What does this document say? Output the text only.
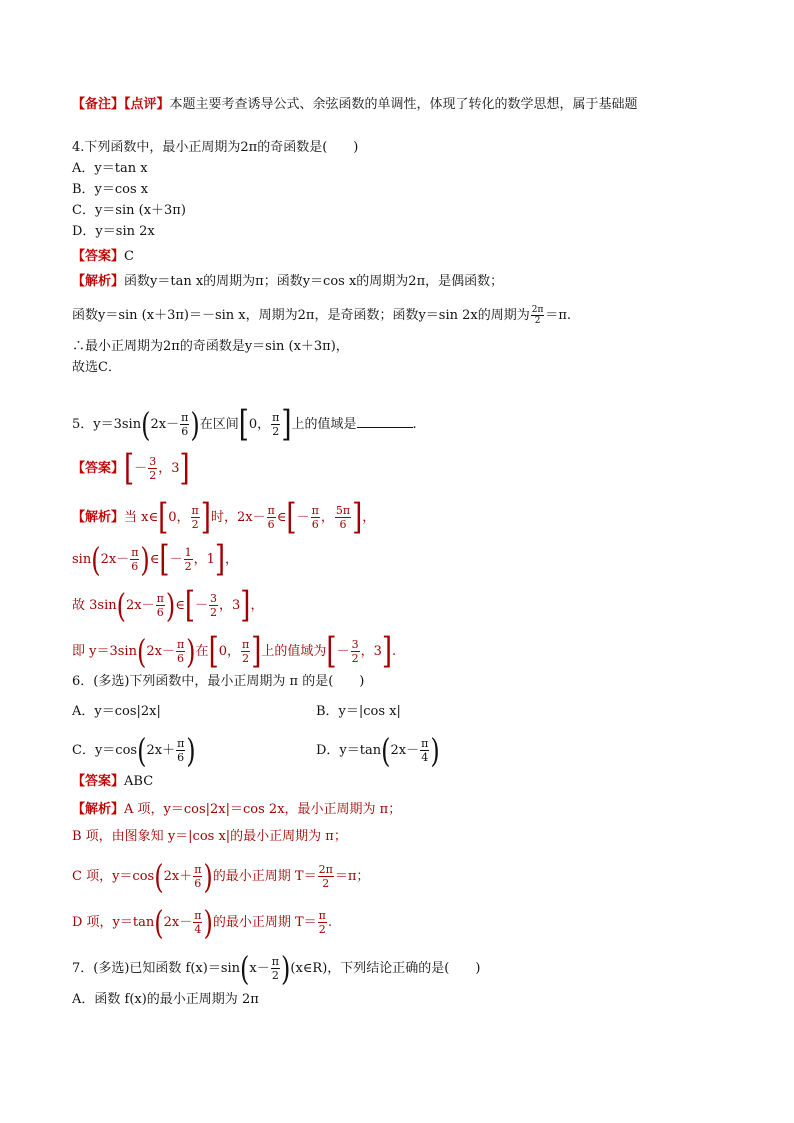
【备注】【点评】本题主要考查诱导公式、余弦函数的单调性，体现了转化的数学思想，属于基础题
4.下列函数中，最小正周期为2π的奇函数是(　　)
A．y＝tan x
B．y＝cos x
C．y＝sin (x＋3π)
D．y＝sin 2x
【答案】C
【解析】函数y＝tan x的周期为π；函数y＝cos x的周期为2π，是偶函数；
函数y＝sin (x＋3π)＝－sin x，周期为2π，是奇函数；函数y＝sin 2x的周期为 $\frac{2\pi}{2} =\pi$.
∴最小正周期为2π的奇函数是y＝sin (x＋3π)，
故选C．
5．$y=3\sin(2x- \frac{\pi}{6}$ )在区间[0， $\frac{\pi}{2}$ ]上的值域是	.
【答案】[－ $\frac{3}{2}$ ，3]
【解析】当 x∈[0， $\frac{\pi}{2}$ ]时，$2x- \frac{\pi}{6}$ ∈[－ $\frac{\pi}{6}$ ， $\frac{5\pi}{6}$ ]，
$\sin(2x- \frac{\pi}{6}$ )∈[－ $\frac{1}{2}$ ，1]，
故 $3\sin(2x- \frac{\pi}{6}$ )∈[－ $\frac{3}{2}$ ，3]，
即 $y=3\sin(2x- \frac{\pi}{6}$ )在[0， $\frac{\pi}{2}$ ]上的值域为[－ $\frac{3}{2}$ ，3].
6．(多选)下列函数中，最小正周期为 π 的是(　　)
A．y＝cos|2x|	B．y＝|cos x|
C．$y=\cos(2x+ \frac{\pi}{6}$ )	D．$y=\tan(2x- \frac{\pi}{4}$ )
【答案】ABC
【解析】A 项，y＝cos|2x|＝cos 2x，最小正周期为 π；
B 项，由图象知 y＝|cos x|的最小正周期为 π；
C 项，$y=\cos(2x+ \frac{\pi}{6}$ )的最小正周期 $T= \frac{2\pi}{2} =\pi$；
D 项，$y=\tan(2x- \frac{\pi}{4}$ )的最小正周期 $T= \frac{\pi}{2}$ .
7．(多选)已知函数 $f(x)=\sin(x- \frac{\pi}{2}$ )(x∈R)，下列结论正确的是(　　)
A．函数 f(x)的最小正周期为 2π
